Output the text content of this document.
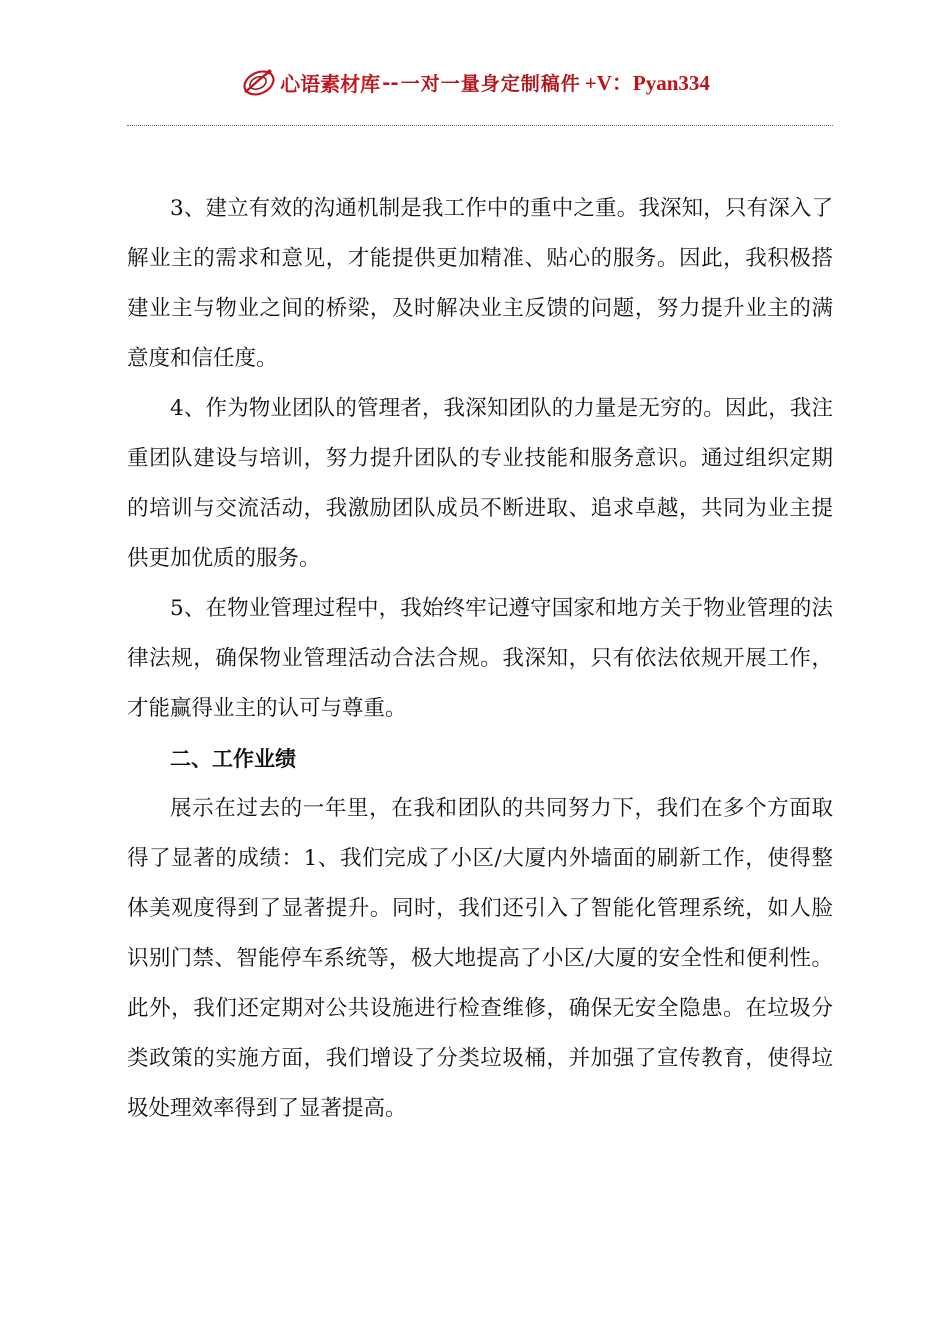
心语素材库 -- 一对一量身定制稿件 +V：Pyan334

3、建立有效的沟通机制是我工作中的重中之重。我深知，只有深入了解业主的需求和意见，才能提供更加精准、贴心的服务。因此，我积极搭建业主与物业之间的桥梁，及时解决业主反馈的问题，努力提升业主的满意度和信任度。

4、作为物业团队的管理者，我深知团队的力量是无穷的。因此，我注重团队建设与培训，努力提升团队的专业技能和服务意识。通过组织定期的培训与交流活动，我激励团队成员不断进取、追求卓越，共同为业主提供更加优质的服务。

5、在物业管理过程中，我始终牢记遵守国家和地方关于物业管理的法律法规，确保物业管理活动合法合规。我深知，只有依法依规开展工作，才能赢得业主的认可与尊重。

二、工作业绩

展示在过去的一年里，在我和团队的共同努力下，我们在多个方面取得了显著的成绩：1、我们完成了小区/大厦内外墙面的刷新工作，使得整体美观度得到了显著提升。同时，我们还引入了智能化管理系统，如人脸识别门禁、智能停车系统等，极大地提高了小区/大厦的安全性和便利性。此外，我们还定期对公共设施进行检查维修，确保无安全隐患。在垃圾分类政策的实施方面，我们增设了分类垃圾桶，并加强了宣传教育，使得垃圾处理效率得到了显著提高。
